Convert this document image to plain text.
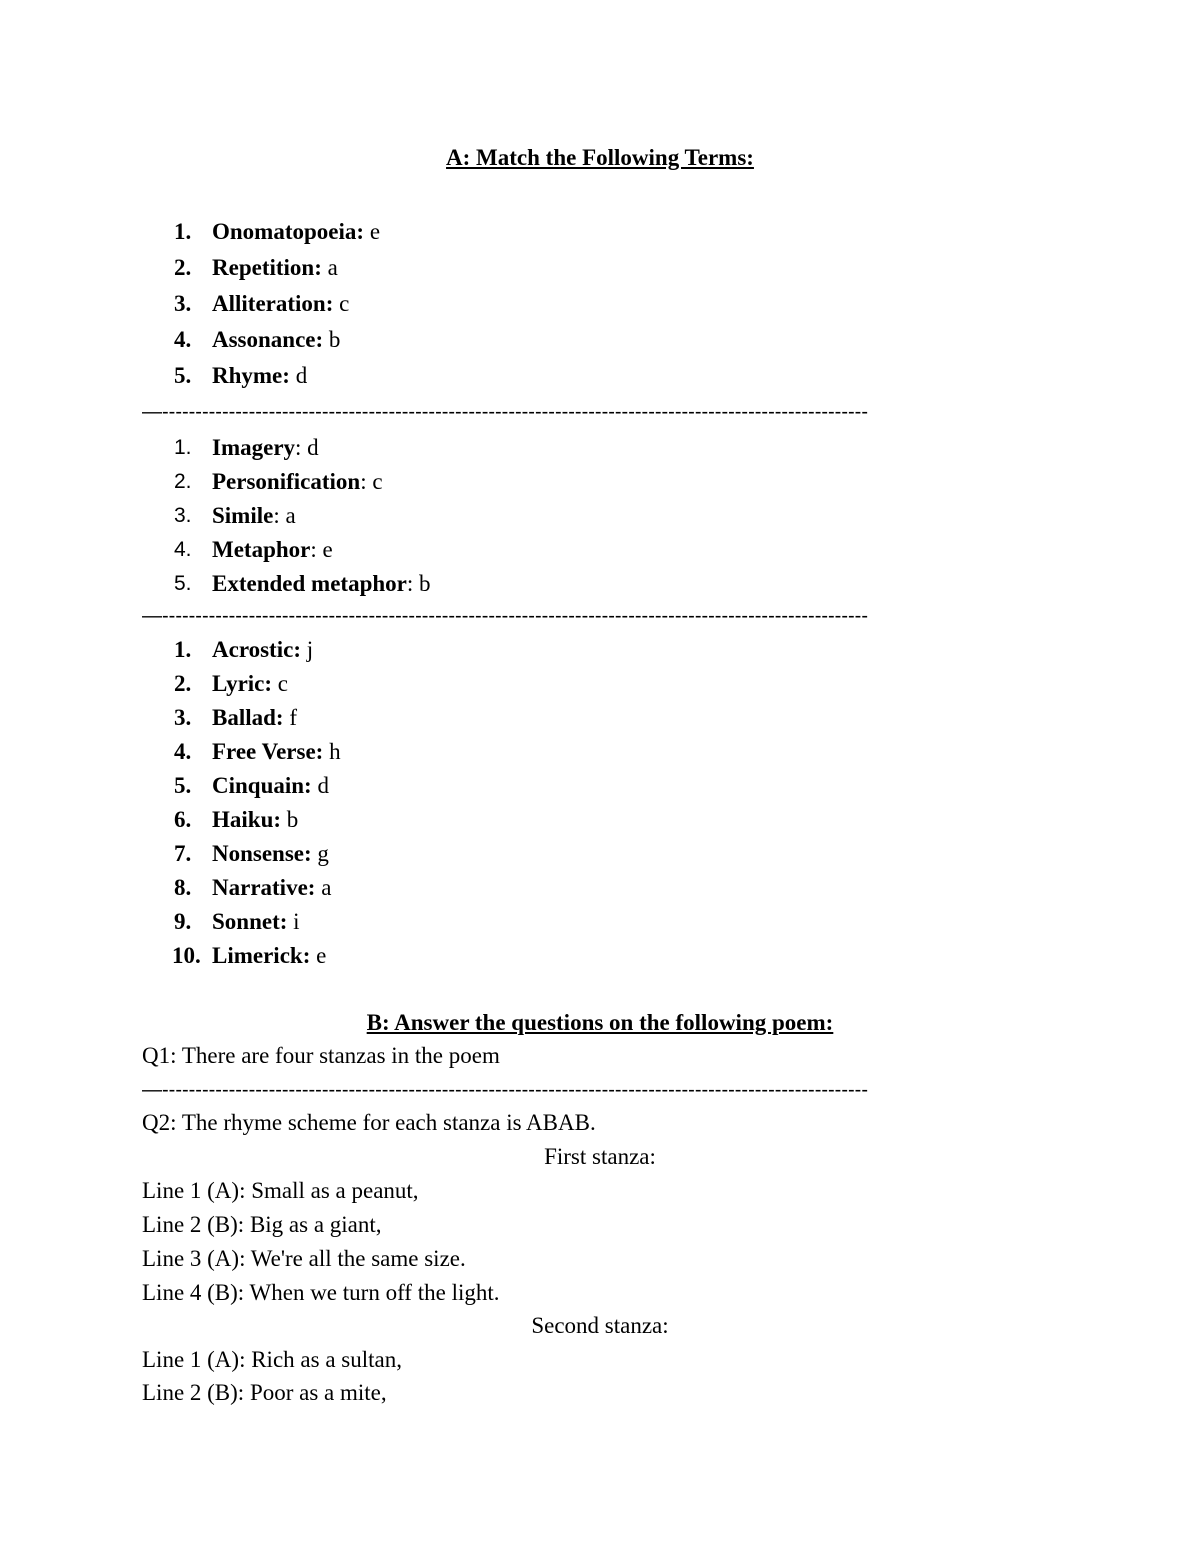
A: Match the Following Terms:
1. Onomatopoeia: e
2. Repetition: a
3. Alliteration: c
4. Assonance: b
5. Rhyme: d
—----------------------------------------------------------------------------------------------------------
1. Imagery: d
2. Personification: c
3. Simile: a
4. Metaphor: e
5. Extended metaphor: b
—----------------------------------------------------------------------------------------------------------
1. Acrostic: j
2. Lyric: c
3. Ballad: f
4. Free Verse: h
5. Cinquain: d
6. Haiku: b
7. Nonsense: g
8. Narrative: a
9. Sonnet: i
10. Limerick: e
B: Answer the questions on the following poem:
Q1: There are four stanzas in the poem
—----------------------------------------------------------------------------------------------------------
Q2: The rhyme scheme for each stanza is ABAB.
First stanza:
Line 1 (A): Small as a peanut,
Line 2 (B): Big as a giant,
Line 3 (A): We're all the same size.
Line 4 (B): When we turn off the light.
Second stanza:
Line 1 (A): Rich as a sultan,
Line 2 (B): Poor as a mite,
